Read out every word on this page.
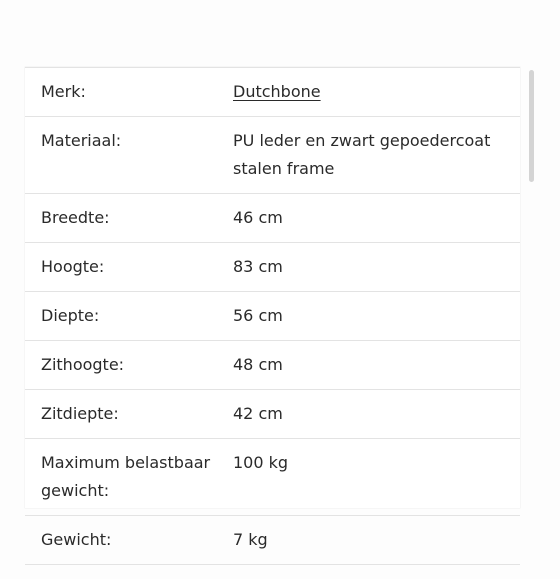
Merk:	Dutchbone
Materiaal:	PU leder en zwart gepoedercoat stalen frame
Breedte:	46 cm
Hoogte:	83 cm
Diepte:	56 cm
Zithoogte:	48 cm
Zitdiepte:	42 cm
Maximum belastbaar gewicht:	100 kg
Gewicht:	7 kg
